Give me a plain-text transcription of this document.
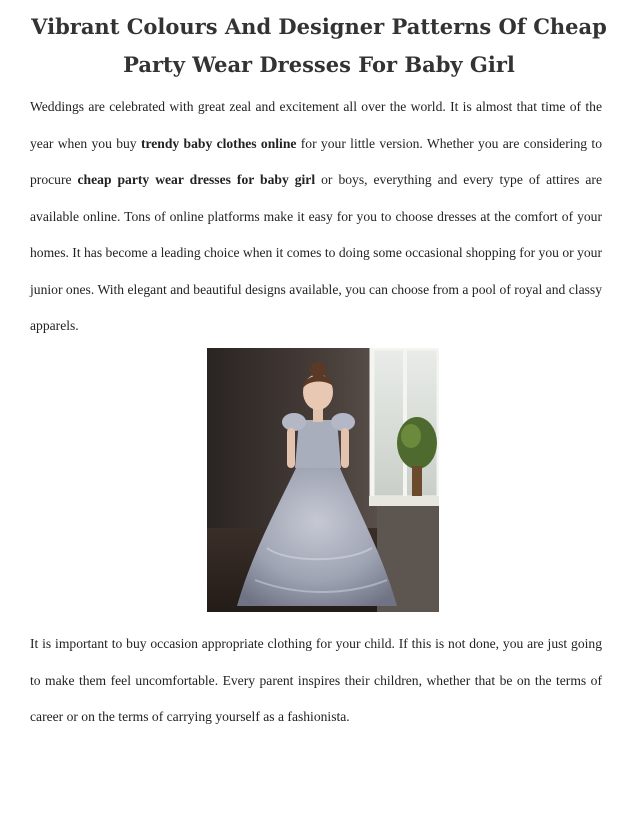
Vibrant Colours And Designer Patterns Of Cheap Party Wear Dresses For Baby Girl

Weddings are celebrated with great zeal and excitement all over the world. It is almost that time of the year when you buy trendy baby clothes online for your little version. Whether you are considering to procure cheap party wear dresses for baby girl or boys, everything and every type of attires are available online. Tons of online platforms make it easy for you to choose dresses at the comfort of your homes. It has become a leading choice when it comes to doing some occasional shopping for you or your junior ones. With elegant and beautiful designs available, you can choose from a pool of royal and classy apparels.

It is important to buy occasion appropriate clothing for your child. If this is not done, you are just going to make them feel uncomfortable. Every parent inspires their children, whether that be on the terms of career or on the terms of carrying yourself as a fashionista.
